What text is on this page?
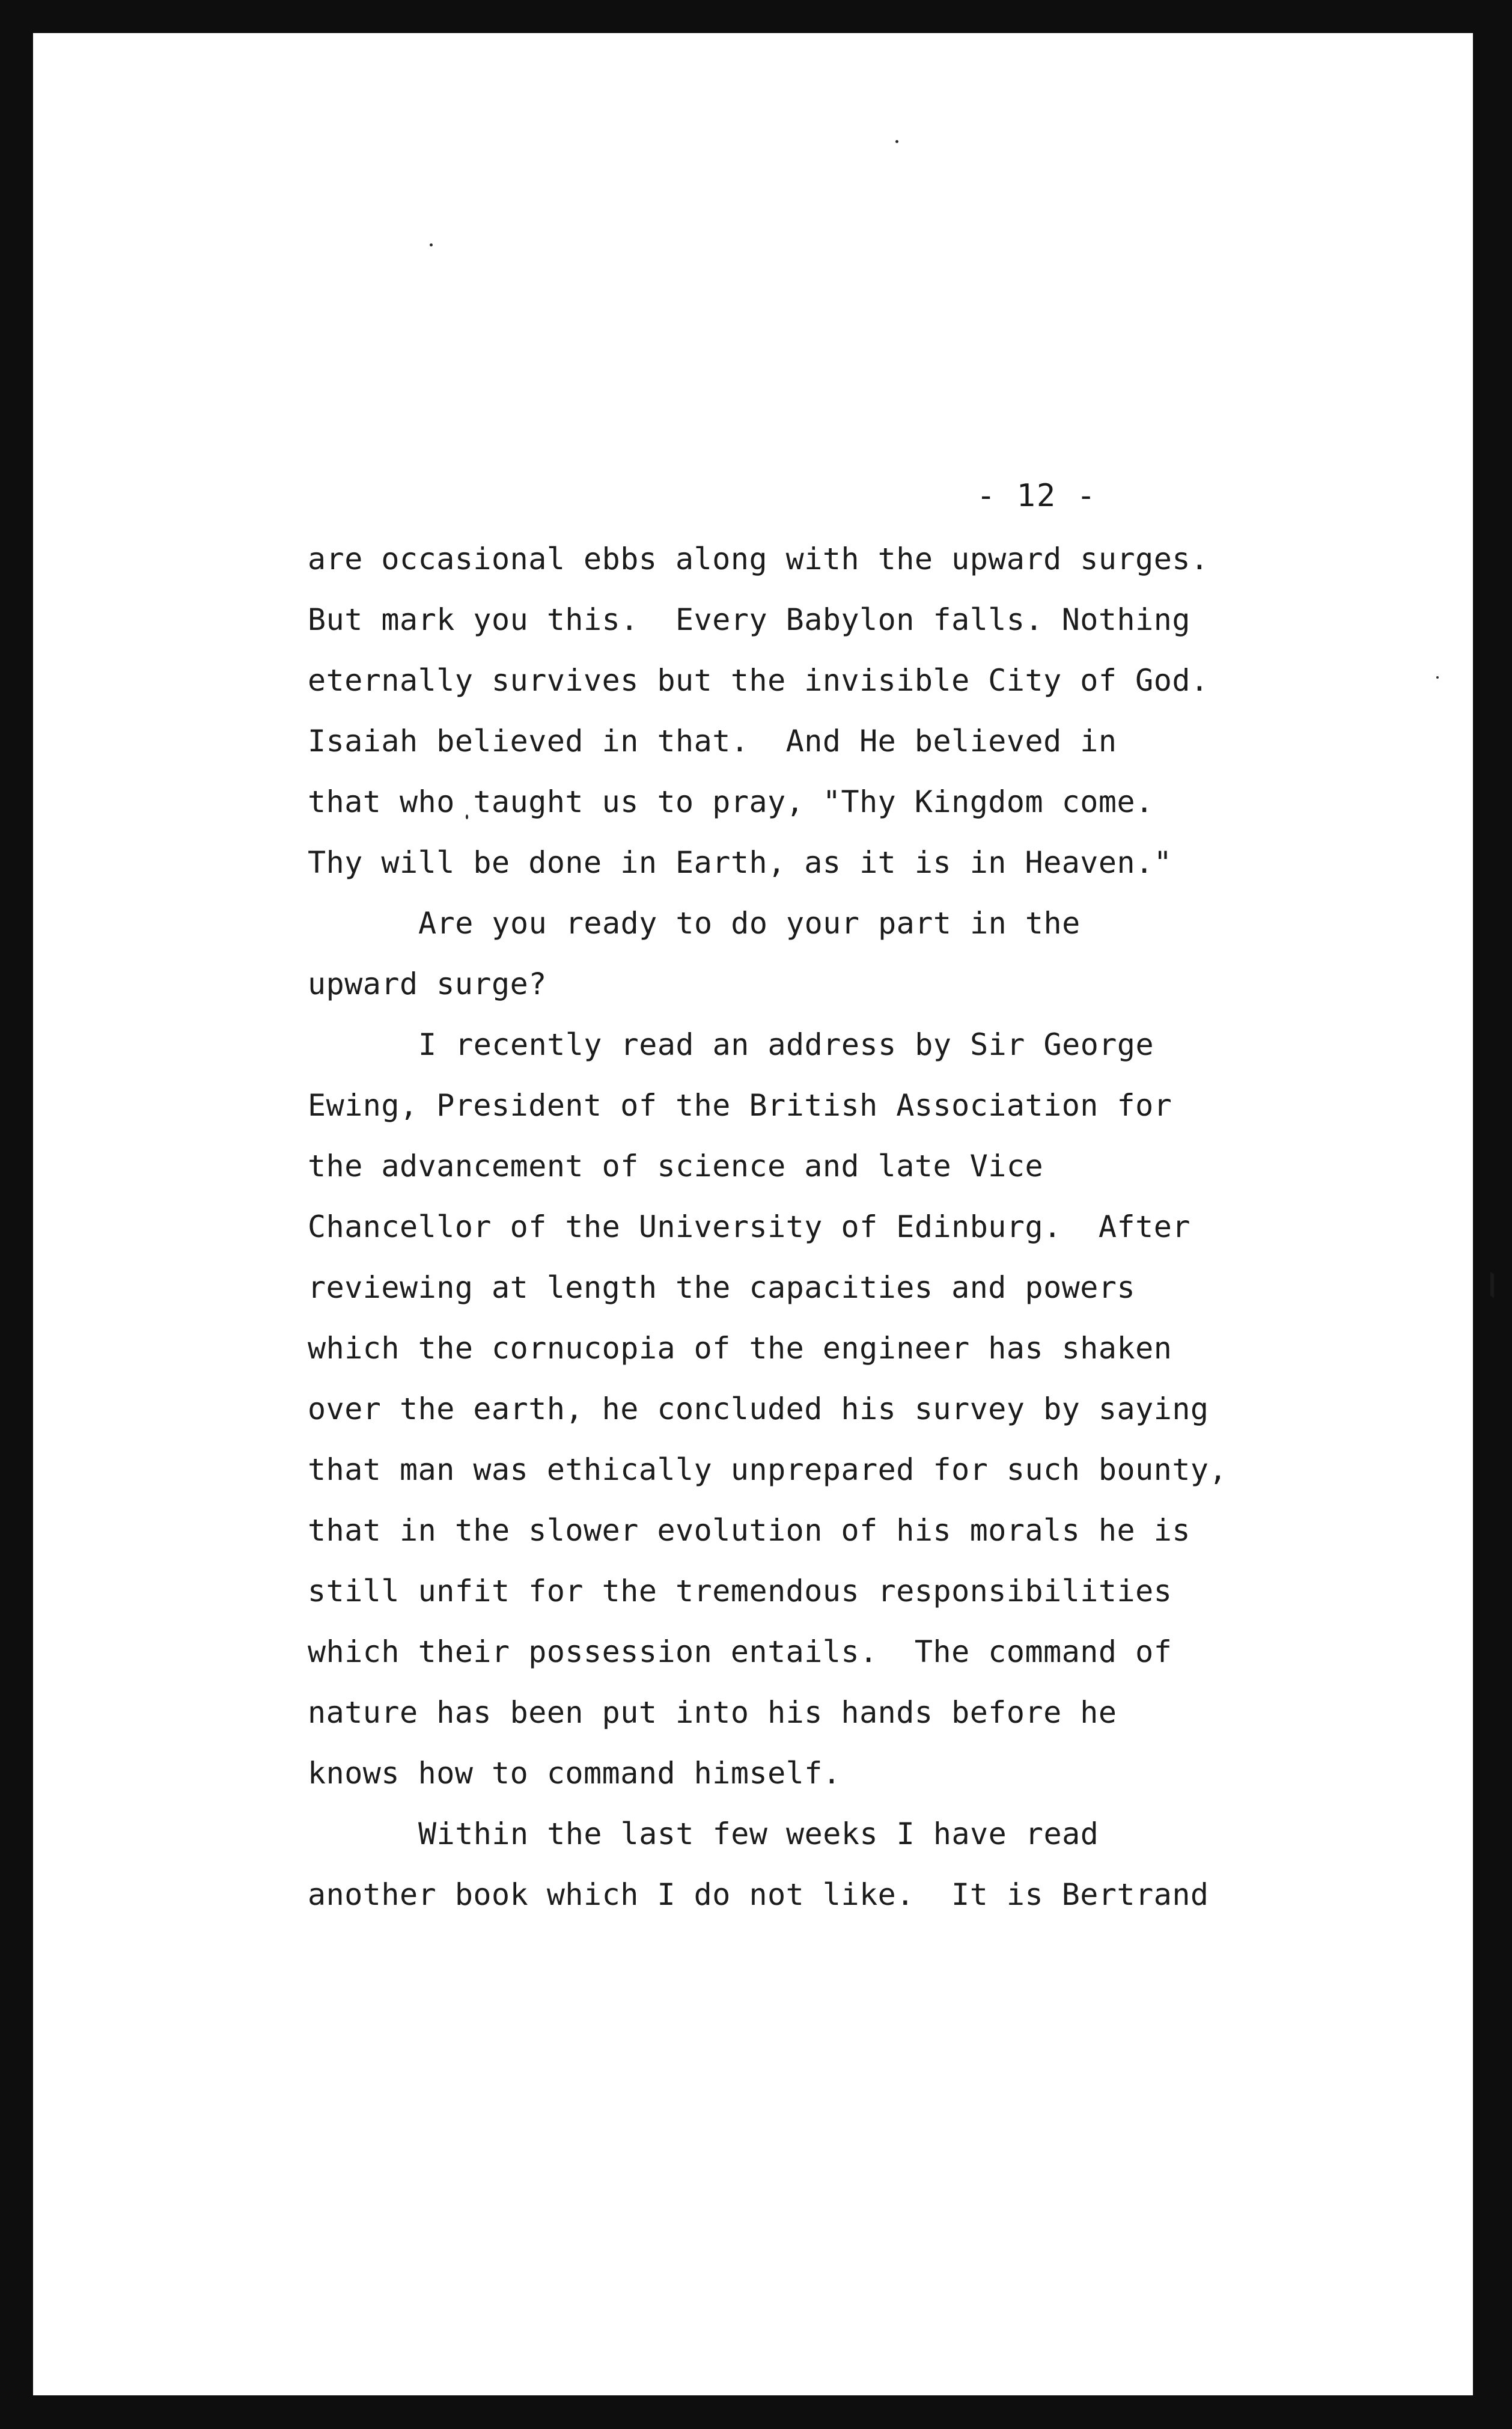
- 12 -
are occasional ebbs along with the upward surges.
But mark you this.  Every Babylon falls. Nothing
eternally survives but the invisible City of God.
Isaiah believed in that.  And He believed in
that who taught us to pray, "Thy Kingdom come.
Thy will be done in Earth, as it is in Heaven."
Are you ready to do your part in the
upward surge?
I recently read an address by Sir George
Ewing, President of the British Association for
the advancement of science and late Vice
Chancellor of the University of Edinburg.  After
reviewing at length the capacities and powers
which the cornucopia of the engineer has shaken
over the earth, he concluded his survey by saying
that man was ethically unprepared for such bounty,
that in the slower evolution of his morals he is
still unfit for the tremendous responsibilities
which their possession entails.  The command of
nature has been put into his hands before he
knows how to command himself.
Within the last few weeks I have read
another book which I do not like.  It is Bertrand
